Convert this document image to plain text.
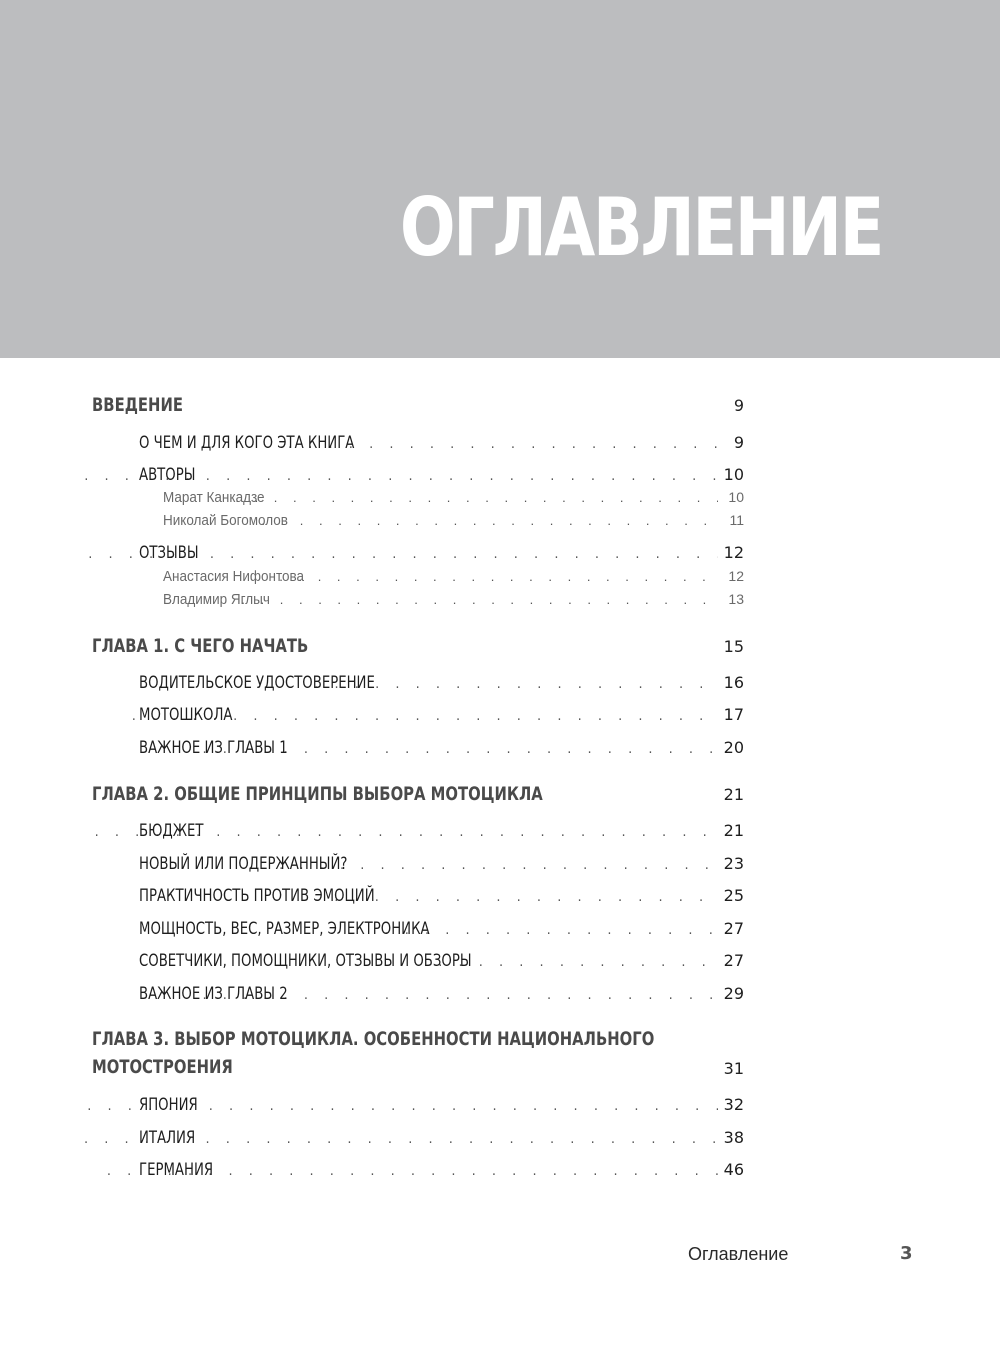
ОГЛАВЛЕНИЕ
ВВЕДЕНИЕ	9
О ЧЕМ И ДЛЯ КОГО ЭТА КНИГА . . .	9
АВТОРЫ . . .	10
Марат Канкадзе . . .	10
Николай Богомолов . . .	11
ОТЗЫВЫ . . .	12
Анастасия Нифонтова . . .	12
Владимир Яглыч . . .	13
ГЛАВА 1. С ЧЕГО НАЧАТЬ	15
ВОДИТЕЛЬСКОЕ УДОСТОВЕРЕНИЕ . . .	16
МОТОШКОЛА . . .	17
ВАЖНОЕ ИЗ ГЛАВЫ 1 . . .	20
ГЛАВА 2. ОБЩИЕ ПРИНЦИПЫ ВЫБОРА МОТОЦИКЛА	21
БЮДЖЕТ . . .	21
НОВЫЙ ИЛИ ПОДЕРЖАННЫЙ? . . .	23
ПРАКТИЧНОСТЬ ПРОТИВ ЭМОЦИЙ . . .	25
МОЩНОСТЬ, ВЕС, РАЗМЕР, ЭЛЕКТРОНИКА . . .	27
СОВЕТЧИКИ, ПОМОЩНИКИ, ОТЗЫВЫ И ОБЗОРЫ . . .	27
ВАЖНОЕ ИЗ ГЛАВЫ 2 . . .	29
ГЛАВА 3. ВЫБОР МОТОЦИКЛА. ОСОБЕННОСТИ НАЦИОНАЛЬНОГО
МОТОСТРОЕНИЯ	31
ЯПОНИЯ . . .	32
ИТАЛИЯ . . .	38
ГЕРМАНИЯ . . .	46
Оглавление	3
